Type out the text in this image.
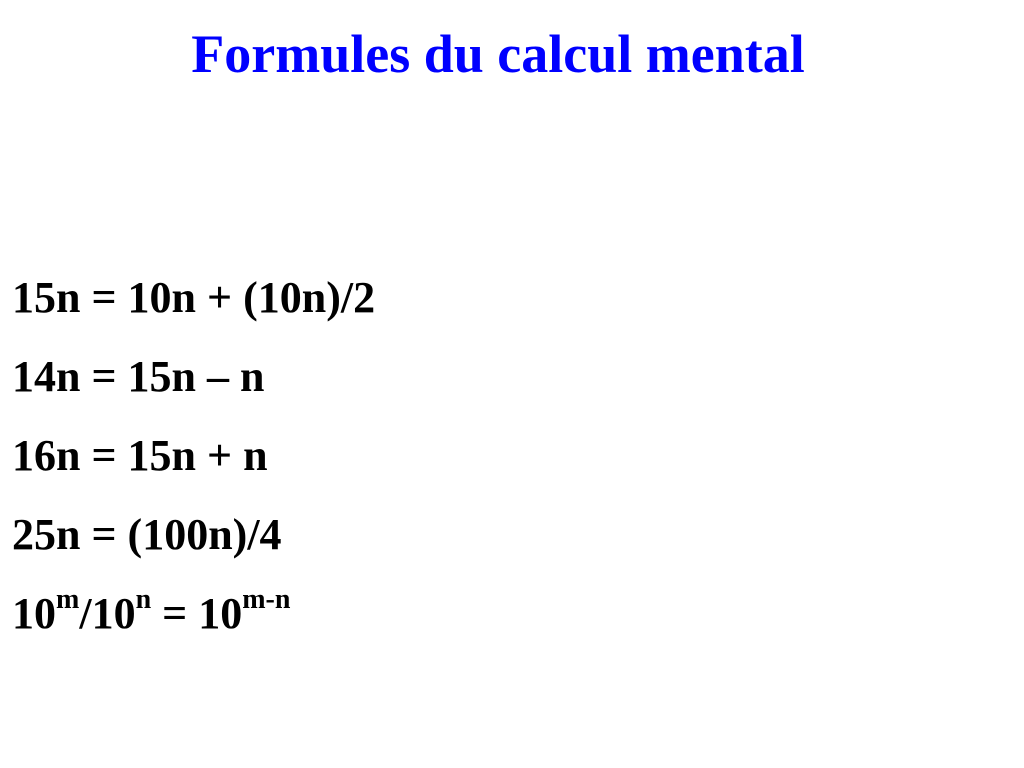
Formules du calcul mental
15n = 10n + (10n)/2
14n = 15n – n
16n = 15n + n
25n = (100n)/4
$10^m/10^n = 10^{m-n}$
